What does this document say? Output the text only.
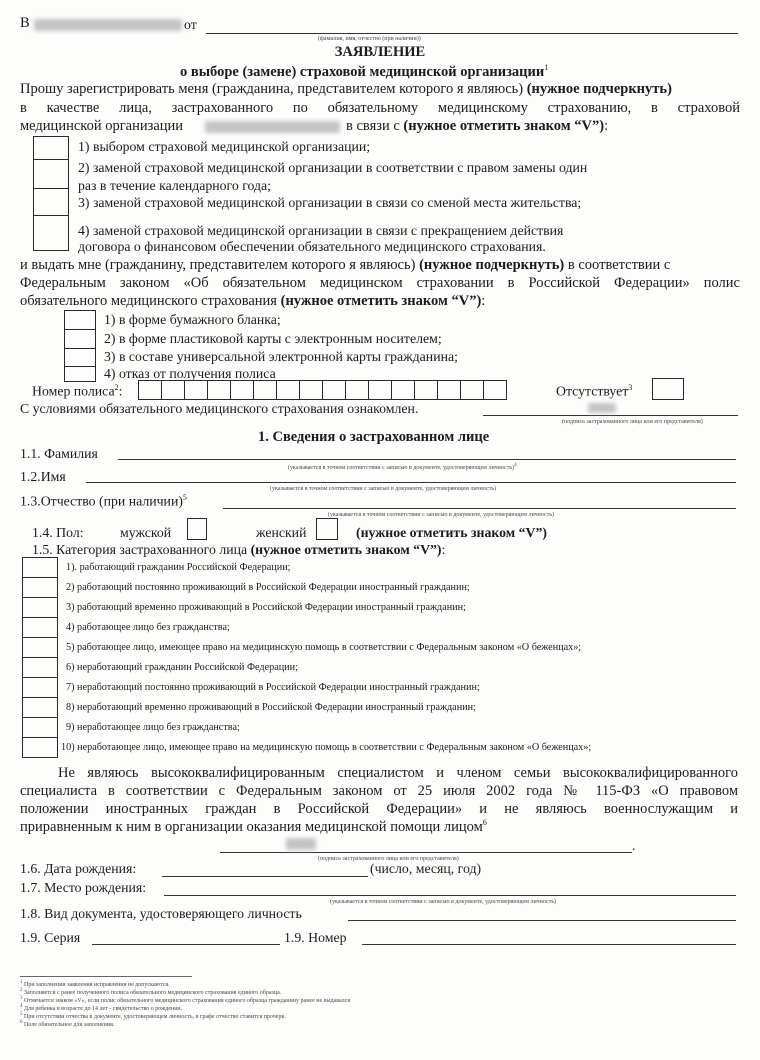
В	от
(фамилия, имя, отчество (при наличии))
ЗАЯВЛЕНИЕ
о выборе (замене) страховой медицинской организации$^1$
Прошу зарегистрировать меня (гражданина, представителем которого я являюсь) (нужное подчеркнуть)
в качестве лица, застрахованного по обязательному медицинскому страхованию, в страховой
медицинской организации	в связи с (нужное отметить знаком “V”):
1) выбором страховой медицинской организации;
2) заменой страховой медицинской организации в соответствии с правом замены один
раз в течение календарного года;
3) заменой страховой медицинской организации в связи со сменой места жительства;
4) заменой страховой медицинской организации в связи с прекращением действия
договора о финансовом обеспечении обязательного медицинского страхования.
и выдать мне (гражданину, представителем которого я являюсь) (нужное подчеркнуть) в соответствии с
Федеральным законом «Об обязательном медицинском страховании в Российской Федерации» полис
обязательного медицинского страхования (нужное отметить знаком “V”):
1) в форме бумажного бланка;
2) в форме пластиковой карты с электронным носителем;
3) в составе универсальной электронной карты гражданина;
4) отказ от получения полиса
Номер полиса$^2$:	Отсутствует$^3$
С условиями обязательного медицинского страхования ознакомлен.
(подпись застрахованного лица или его представителя)
1. Сведения о застрахованном лице
1.1. Фамилия
(указывается в точном соответствии с записью в документе, удостоверяющем личность)$^4$
1.2.Имя
(указывается в точном соответствии с записью в документе, удостоверяющем личность)
1.3.Отчество (при наличии)$^5$
(указывается в точном соответствии с записью в документе, удостоверяющем личность)
1.4. Пол:	мужской	женский	(нужное отметить знаком “V”)
1.5. Категория застрахованного лица (нужное отметить знаком “V”):
1). работающий гражданин Российской Федерации;
2) работающий постоянно проживающий в Российской Федерации иностранный гражданин;
3) работающий временно проживающий в Российской Федерации иностранный гражданин;
4) работающее лицо без гражданства;
5) работающее лицо, имеющее право на медицинскую помощь в соответствии с Федеральным законом «О беженцах»;
6) неработающий гражданин Российской Федерации;
7) неработающий постоянно проживающий в Российской Федерации иностранный гражданин;
8) неработающий временно проживающий в Российской Федерации иностранный гражданин;
9) неработающее лицо без гражданства;
10) неработающее лицо, имеющее право на медицинскую помощь в соответствии с Федеральным законом «О беженцах»;
Не являюсь высококвалифицированным специалистом и членом семьи высококвалифицированного
специалиста в соответствии с Федеральным законом от 25 июля 2002 года № 115-ФЗ «О правовом
положении иностранных граждан в Российской Федерации» и не являюсь военнослужащим и
приравненным к ним в организации оказания медицинской помощи лицом$^6$
.
(подпись застрахованного лица или его представителя)
1.6. Дата рождения:	(число, месяц, год)
1.7. Место рождения:
(указывается в точном соответствии с записью в документе, удостоверяющем личность)
1.8. Вид документа, удостоверяющего личность
1.9. Серия	1.9. Номер
$^1$ При заполнении заявления исправления не допускаются.
$^2$ Заполняется с ранее полученного полиса обязательного медицинского страхования единого образца.
$^3$ Отмечается знаком «V», если полис обязательного медицинского страхования единого образца гражданину ранее не выдавался
$^4$ Для ребенка в возрасте до 14 лет - свидетельство о рождении.
$^5$ При отсутствии отчества в документе, удостоверяющем личность, в графе отчество ставится прочерк.
$^6$ Поле обязательное для заполнения.
